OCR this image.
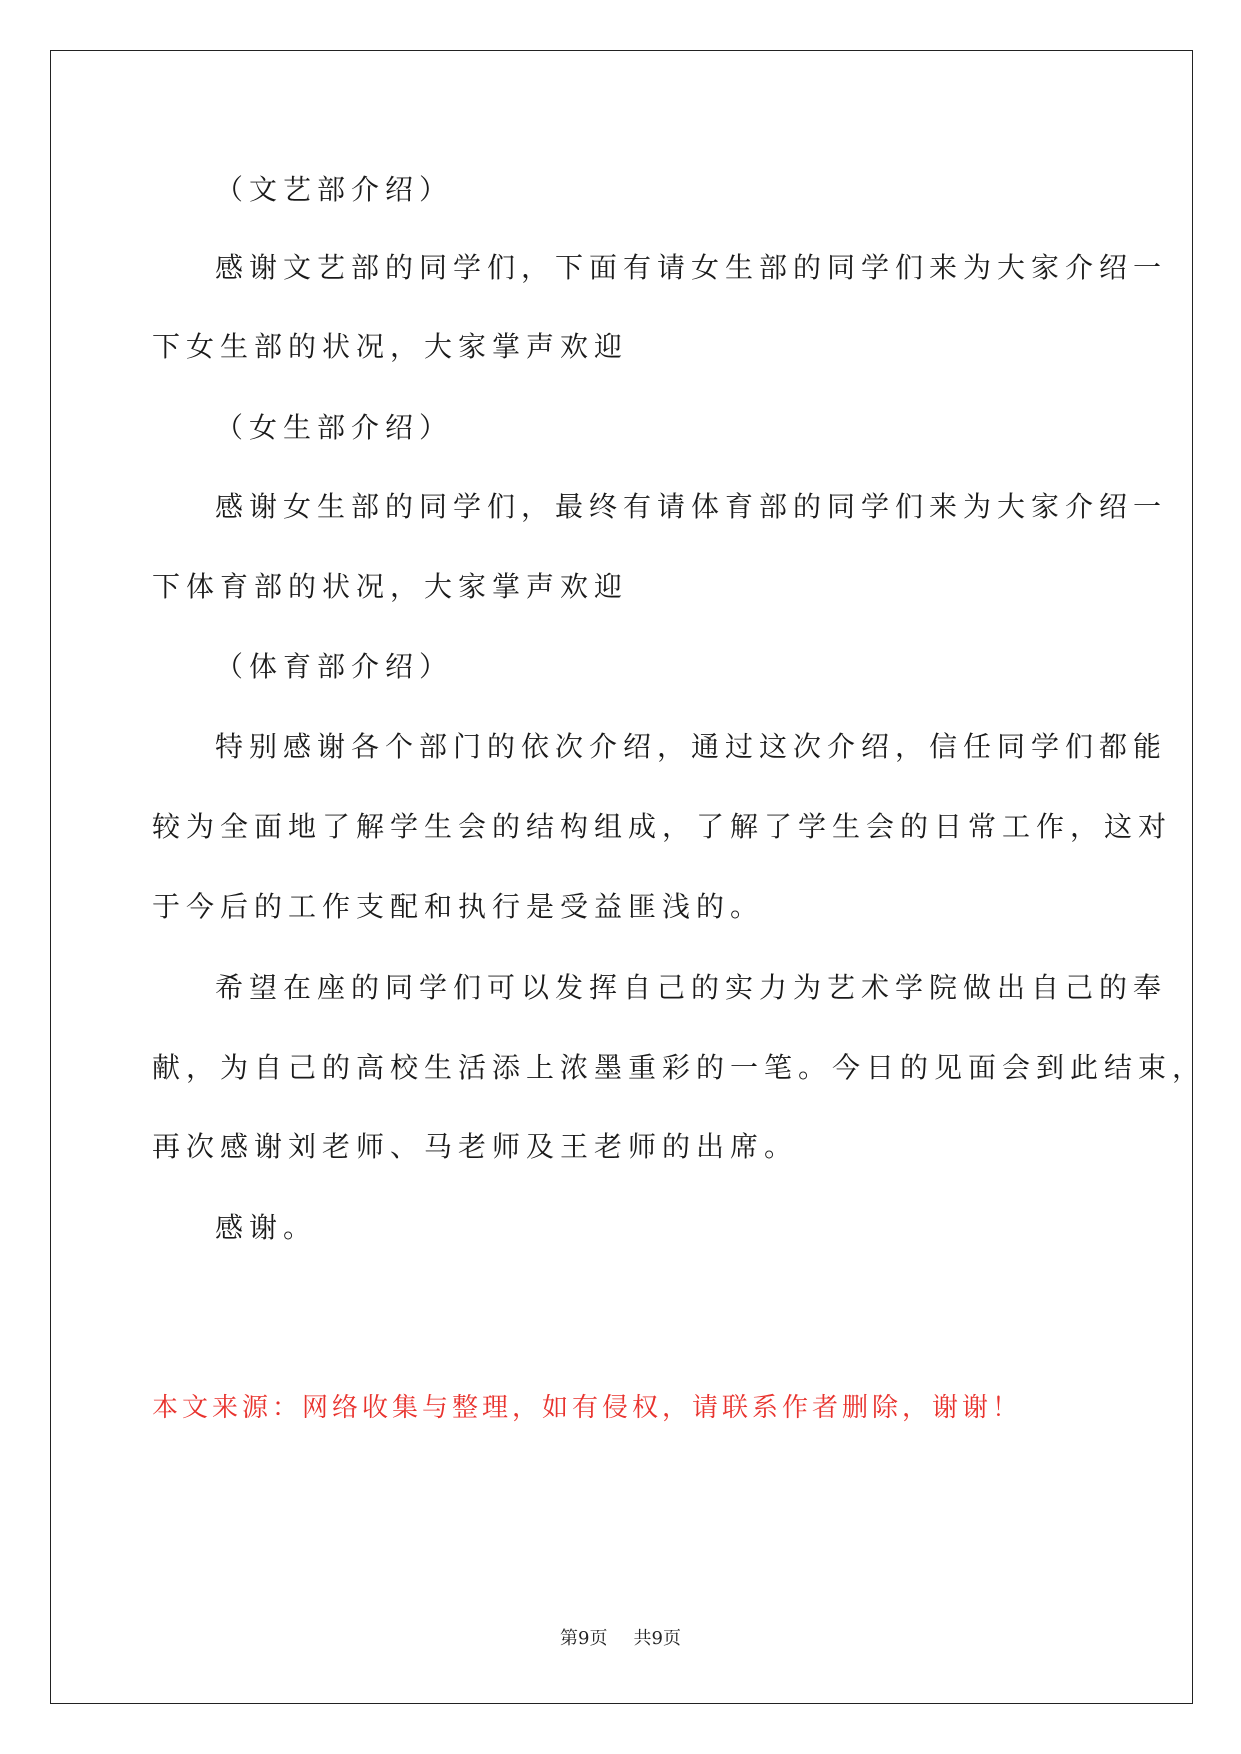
（文艺部介绍）
感谢文艺部的同学们，下面有请女生部的同学们来为大家介绍一
下女生部的状况，大家掌声欢迎
（女生部介绍）
感谢女生部的同学们，最终有请体育部的同学们来为大家介绍一
下体育部的状况，大家掌声欢迎
（体育部介绍）
特别感谢各个部门的依次介绍，通过这次介绍，信任同学们都能
较为全面地了解学生会的结构组成，了解了学生会的日常工作，这对
于今后的工作支配和执行是受益匪浅的。
希望在座的同学们可以发挥自己的实力为艺术学院做出自己的奉
献，为自己的高校生活添上浓墨重彩的一笔。今日的见面会到此结束，
再次感谢刘老师、马老师及王老师的出席。
感谢。
本文来源：网络收集与整理，如有侵权，请联系作者删除，谢谢！
第9页 共9页
